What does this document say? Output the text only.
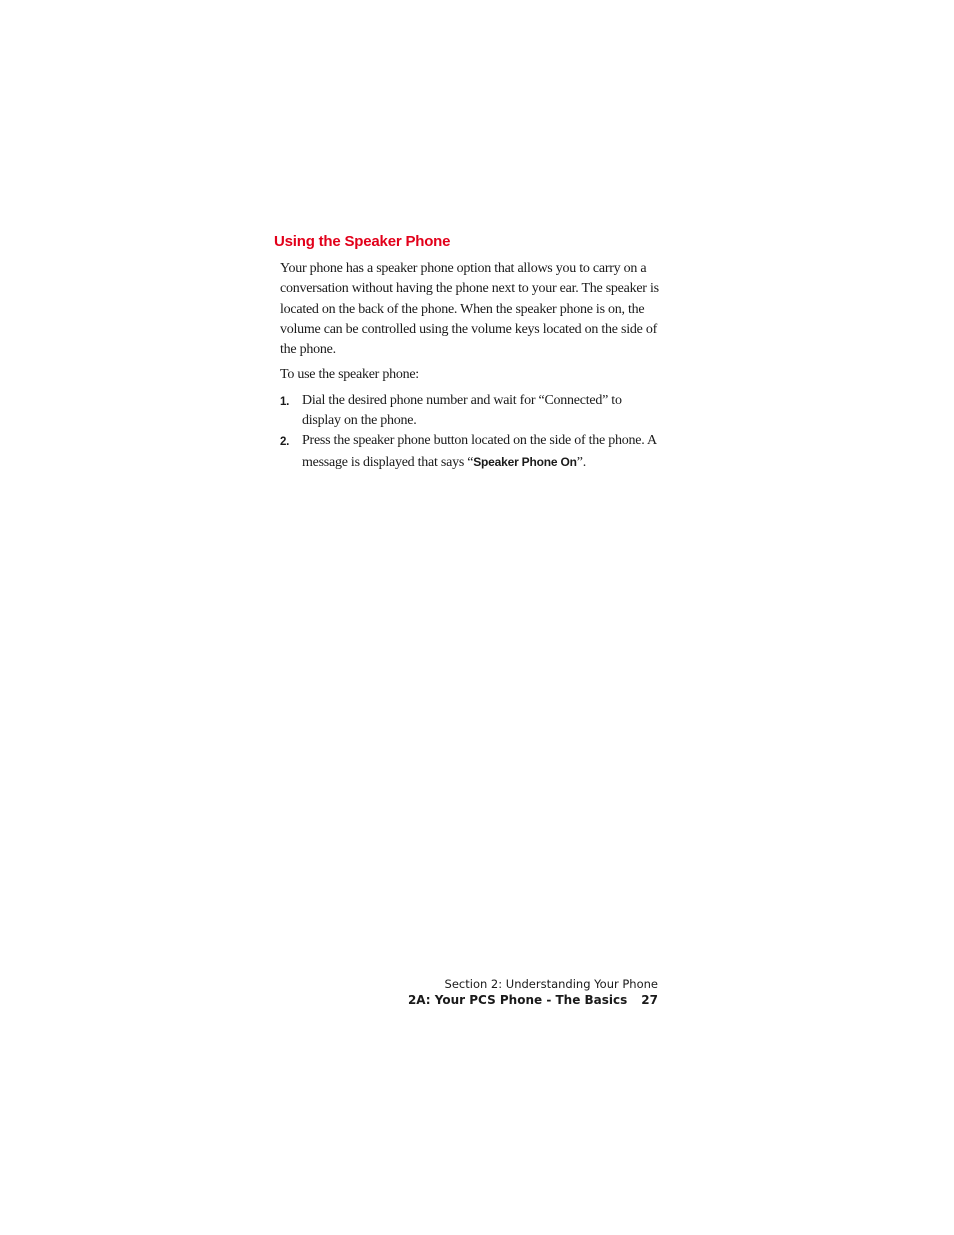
Using the Speaker Phone

Your phone has a speaker phone option that allows you to carry on a conversation without having the phone next to your ear. The speaker is located on the back of the phone. When the speaker phone is on, the volume can be controlled using the volume keys located on the side of the phone.

To use the speaker phone:

1. Dial the desired phone number and wait for “Connected” to display on the phone.
2. Press the speaker phone button located on the side of the phone. A message is displayed that says “Speaker Phone On”.
Section 2: Understanding Your Phone
2A: Your PCS Phone - The Basics 27
